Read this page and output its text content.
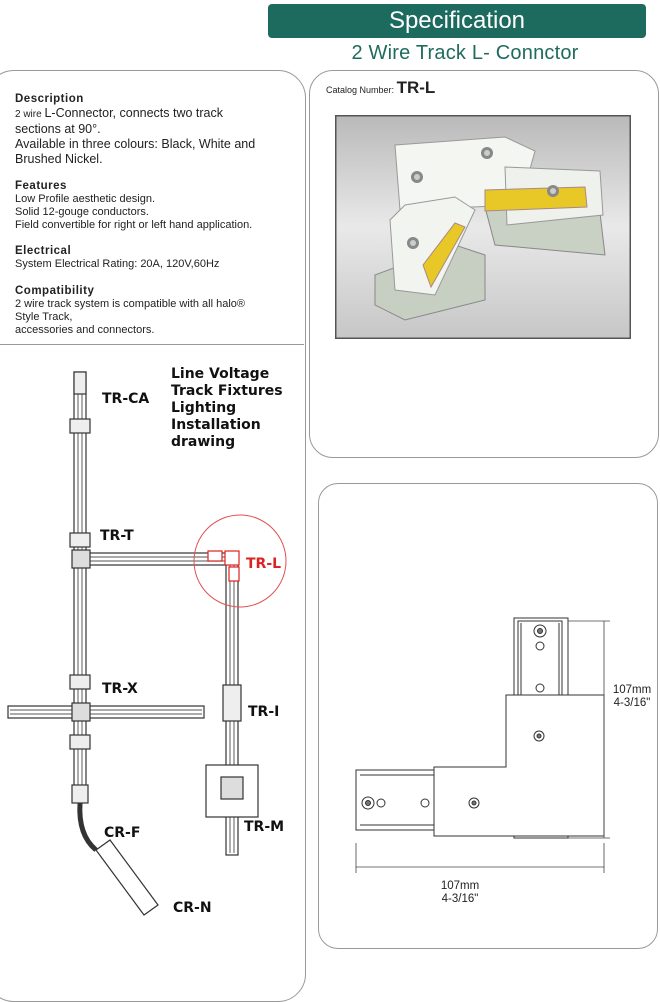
Specification
2 Wire Track L- Connctor
Description

2 wire L-Connector, connects two track

sections at 90°.

Available in three colours: Black, White and

Brushed Nickel.

Features

Low Profile aesthetic design.

Solid 12-gouge conductors.

Field convertible for right or left hand application.

Electrical

System Electrical Rating: 20A, 120V,60Hz

Compatibility

2 wire track system is compatible with all halo®

Style Track,

accessories and connectors.

Catalog Number: TR-L
Line Voltage
Track Fixtures
Lighting
Installation
drawing
TR-CA
TR-T
TR-L
TR-X
TR-I
TR-M
CR-F
CR-N
107mm
4-3/16"
107mm
4-3/16"
